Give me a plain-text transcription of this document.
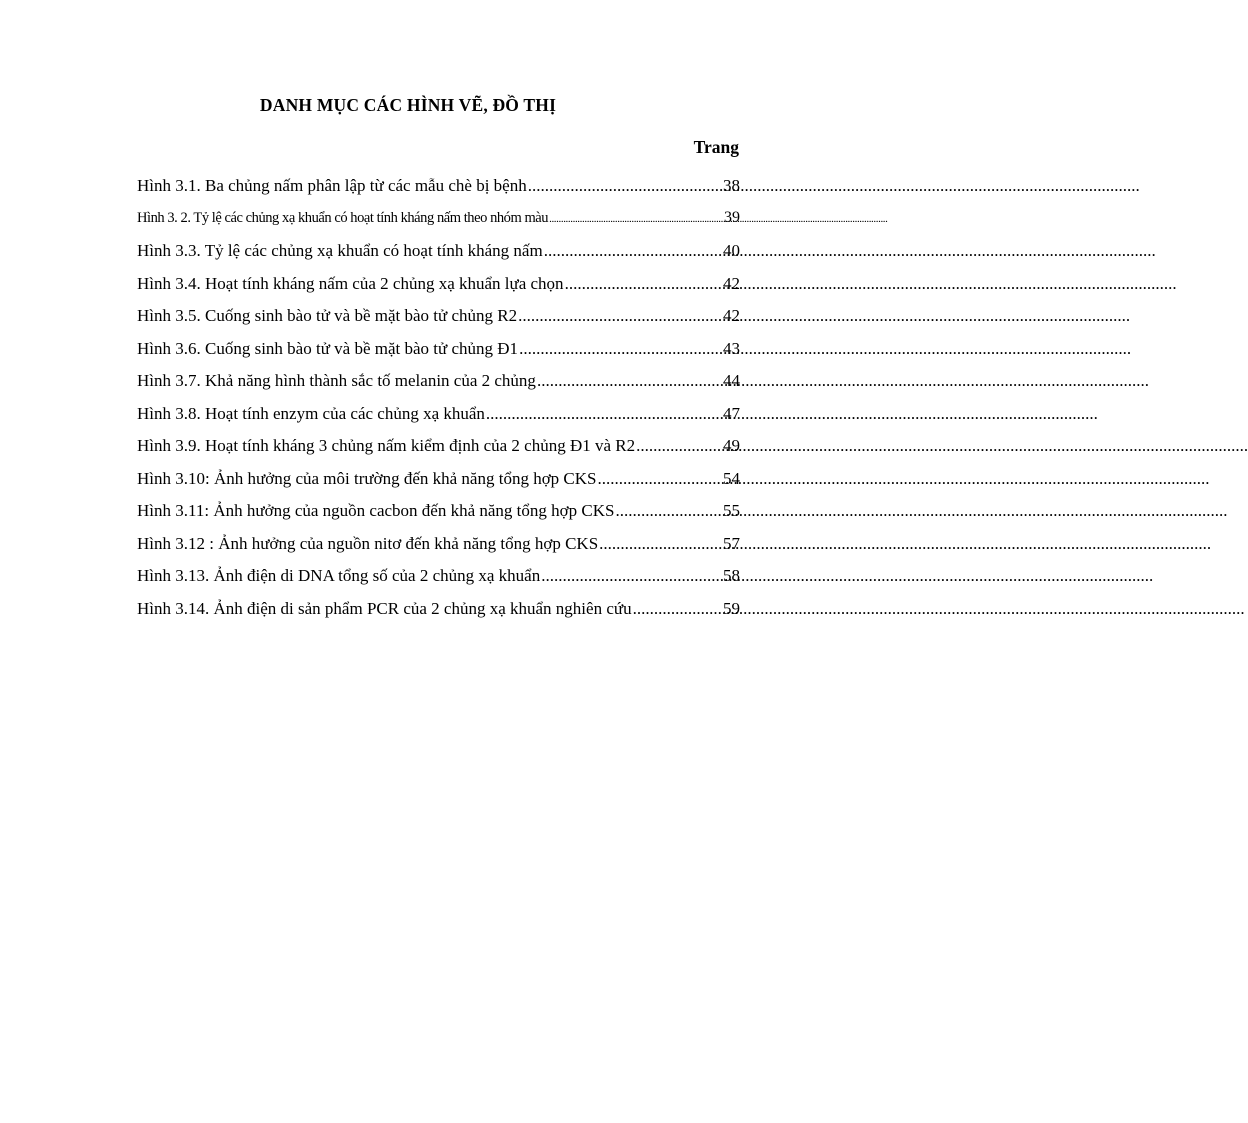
DANH MỤC CÁC HÌNH VẼ, ĐỒ THỊ
Trang
Hình 3.1. Ba chủng nấm phân lập từ các mẫu chè bị bệnh .....	38
Hình 3. 2. Tỷ lệ các chủng xạ khuẩn có hoạt tính kháng nấm theo nhóm màu .....	39
Hình 3.3. Tỷ lệ các chủng xạ khuẩn có hoạt tính kháng nấm .....	40
Hình 3.4. Hoạt tính kháng nấm của 2 chủng xạ khuẩn lựa chọn .....	42
Hình 3.5. Cuống sinh bào tử và bề mặt bào tử chủng R2 .....	42
Hình 3.6. Cuống sinh bào tử và bề mặt bào tử chủng Đ1 .....	43
Hình 3.7. Khả năng hình thành sắc tố melanin của 2 chủng .....	44
Hình 3.8. Hoạt tính enzym của các chủng xạ khuẩn .....	47
Hình 3.9. Hoạt tính kháng 3 chủng nấm kiểm định của 2 chủng Đ1 và R2 .....	49
Hình 3.10: Ảnh hưởng của môi trường đến khả năng tổng hợp CKS .....	54
Hình 3.11: Ảnh hưởng của nguồn cacbon đến khả năng tổng hợp CKS .....	55
Hình 3.12 : Ảnh hưởng của nguồn nitơ đến khả năng tổng hợp CKS .....	57
Hình 3.13. Ảnh điện di DNA tổng số của 2 chủng xạ khuẩn .....	58
Hình 3.14. Ảnh điện di sản phẩm PCR của 2 chủng xạ khuẩn nghiên cứu .....	59
